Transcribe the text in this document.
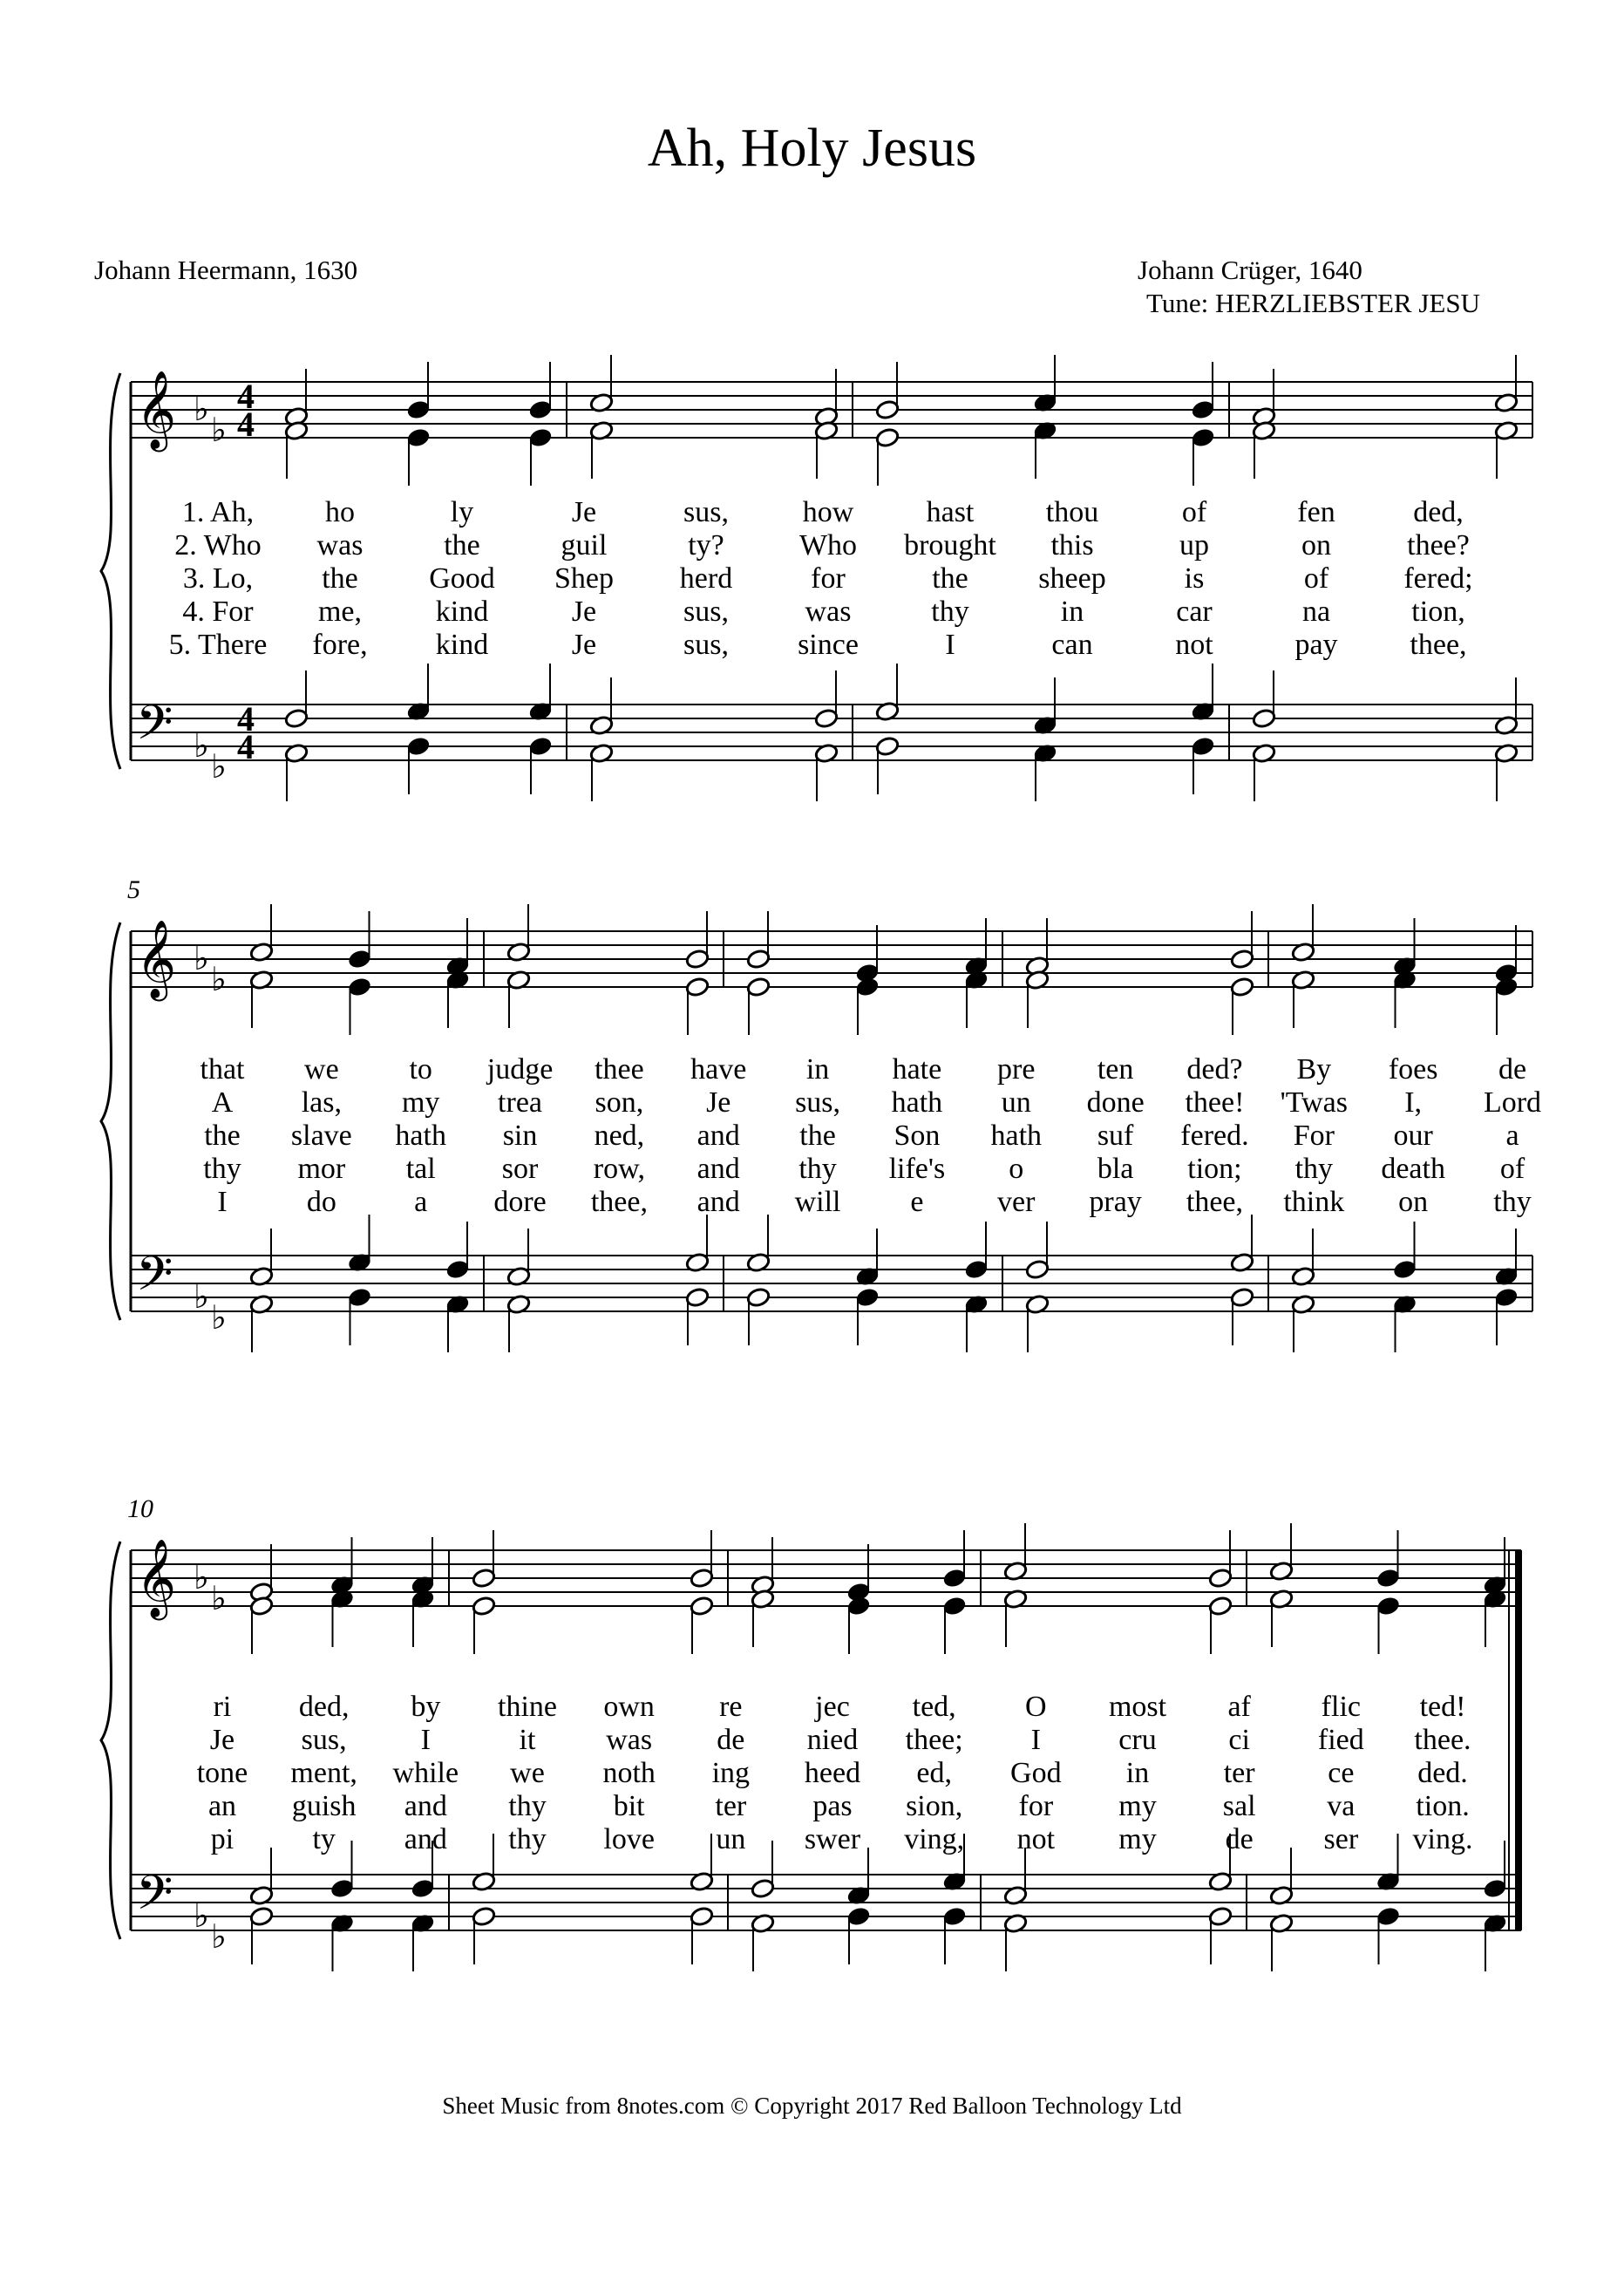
Ah, Holy Jesus
Johann Heermann, 1630	Johann Crüger, 1640
Tune: HERZLIEBSTER JESU
𝄞
𝄢
♭
♭
♭
♭
4
4
4
4
1. Ah, ho	ly	Je	sus, how hast thou	of	fen	ded,
2. Who was	the	guil	ty?	Who brought this	up	on	thee?
3. Lo, the Good Shep herd	for	the sheep	is	of	fered;
4. For me, kind	Je	sus,	was	thy	in	car	na	tion,
5. There fore, kind	Je	sus, since	I	can	not	pay thee,
𝄞
𝄢
♭
♭
♭
♭
5
that we to judge thee have in hate pre ten ded? By foes de
A las, my trea son, Je sus, hath un done thee! 'Twas I, Lord
the slave hath sin ned, and the Son hath suf fered. For our a
thy mor tal sor row, and thy life's o bla tion; thy death of
I	do	a dore thee, and will e ver pray thee, think on thy
𝄞
𝄢
♭
♭
♭
♭
10
ri ded, by thine own re jec ted, O most af flic ted!
Je sus,	I	it was de nied thee; I	cru ci fied thee.
tone ment, while we noth ing heed ed, God in	ter ce ded.
an guish and thy bit ter pas sion, for my sal va tion.
pi	ty and thy love un swer ving, not my de ser ving.
Sheet Music from 8notes.com © Copyright 2017 Red Balloon Technology Ltd
